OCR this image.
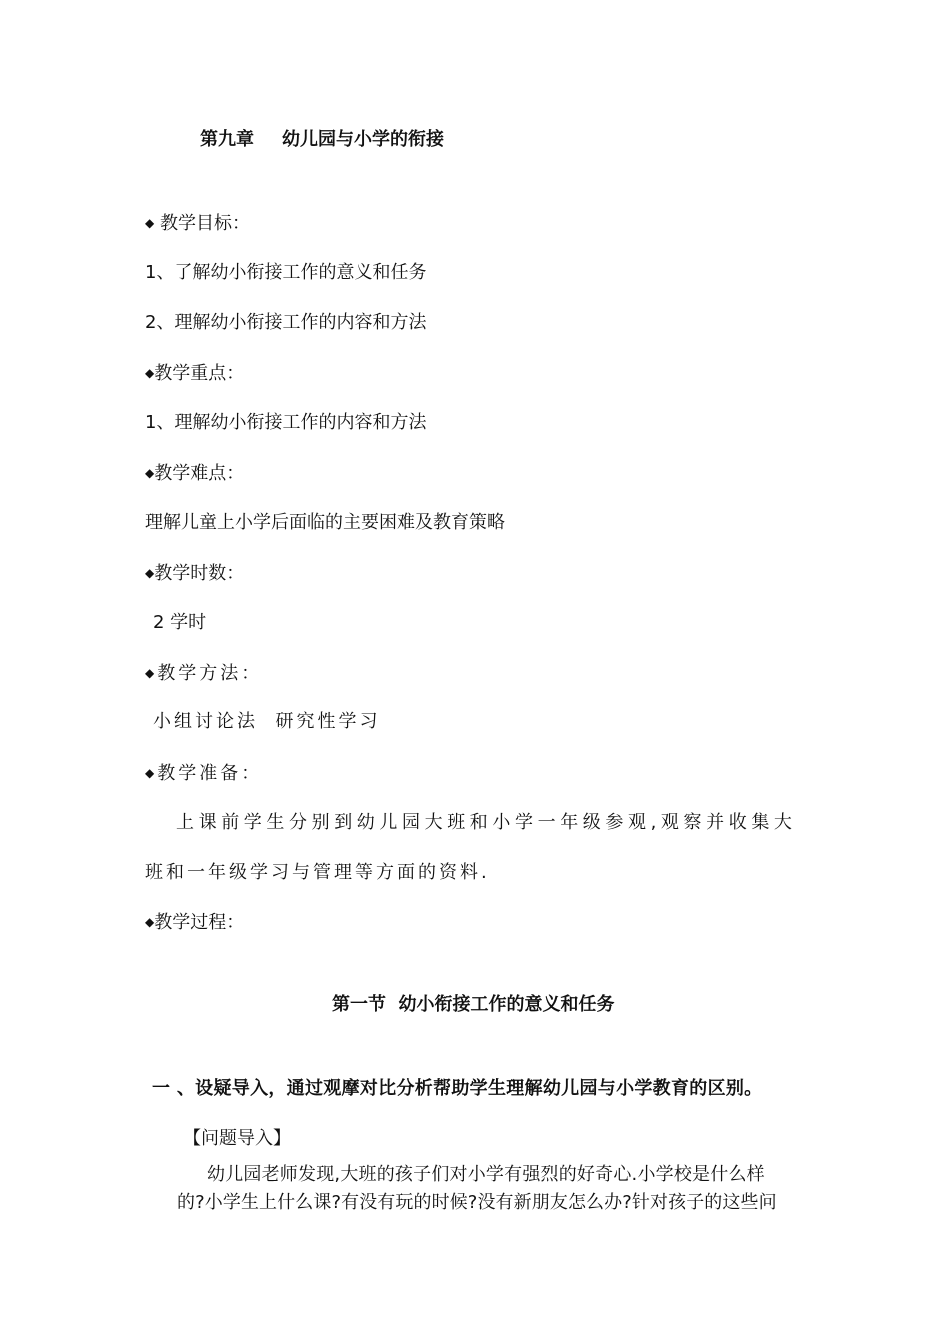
第九章 幼儿园与小学的衔接
◆ 教学目标：
1、了解幼小衔接工作的意义和任务
2、理解幼小衔接工作的内容和方法
◆教学重点：
1、理解幼小衔接工作的内容和方法
◆教学难点：
理解儿童上小学后面临的主要困难及教育策略
◆教学时数：
2 学时
◆教学方法：
小组讨论法  研究性学习
◆教学准备：
上课前学生分别到幼儿园大班和小学一年级参观,观察并收集大
班和一年级学习与管理等方面的资料.
◆教学过程：
第一节  幼小衔接工作的意义和任务
一 、设疑导入，通过观摩对比分析帮助学生理解幼儿园与小学教育的区别。
【问题导入】
幼儿园老师发现,大班的孩子们对小学有强烈的好奇心.小学校是什么样
的?小学生上什么课?有没有玩的时候?没有新朋友怎么办?针对孩子的这些问
